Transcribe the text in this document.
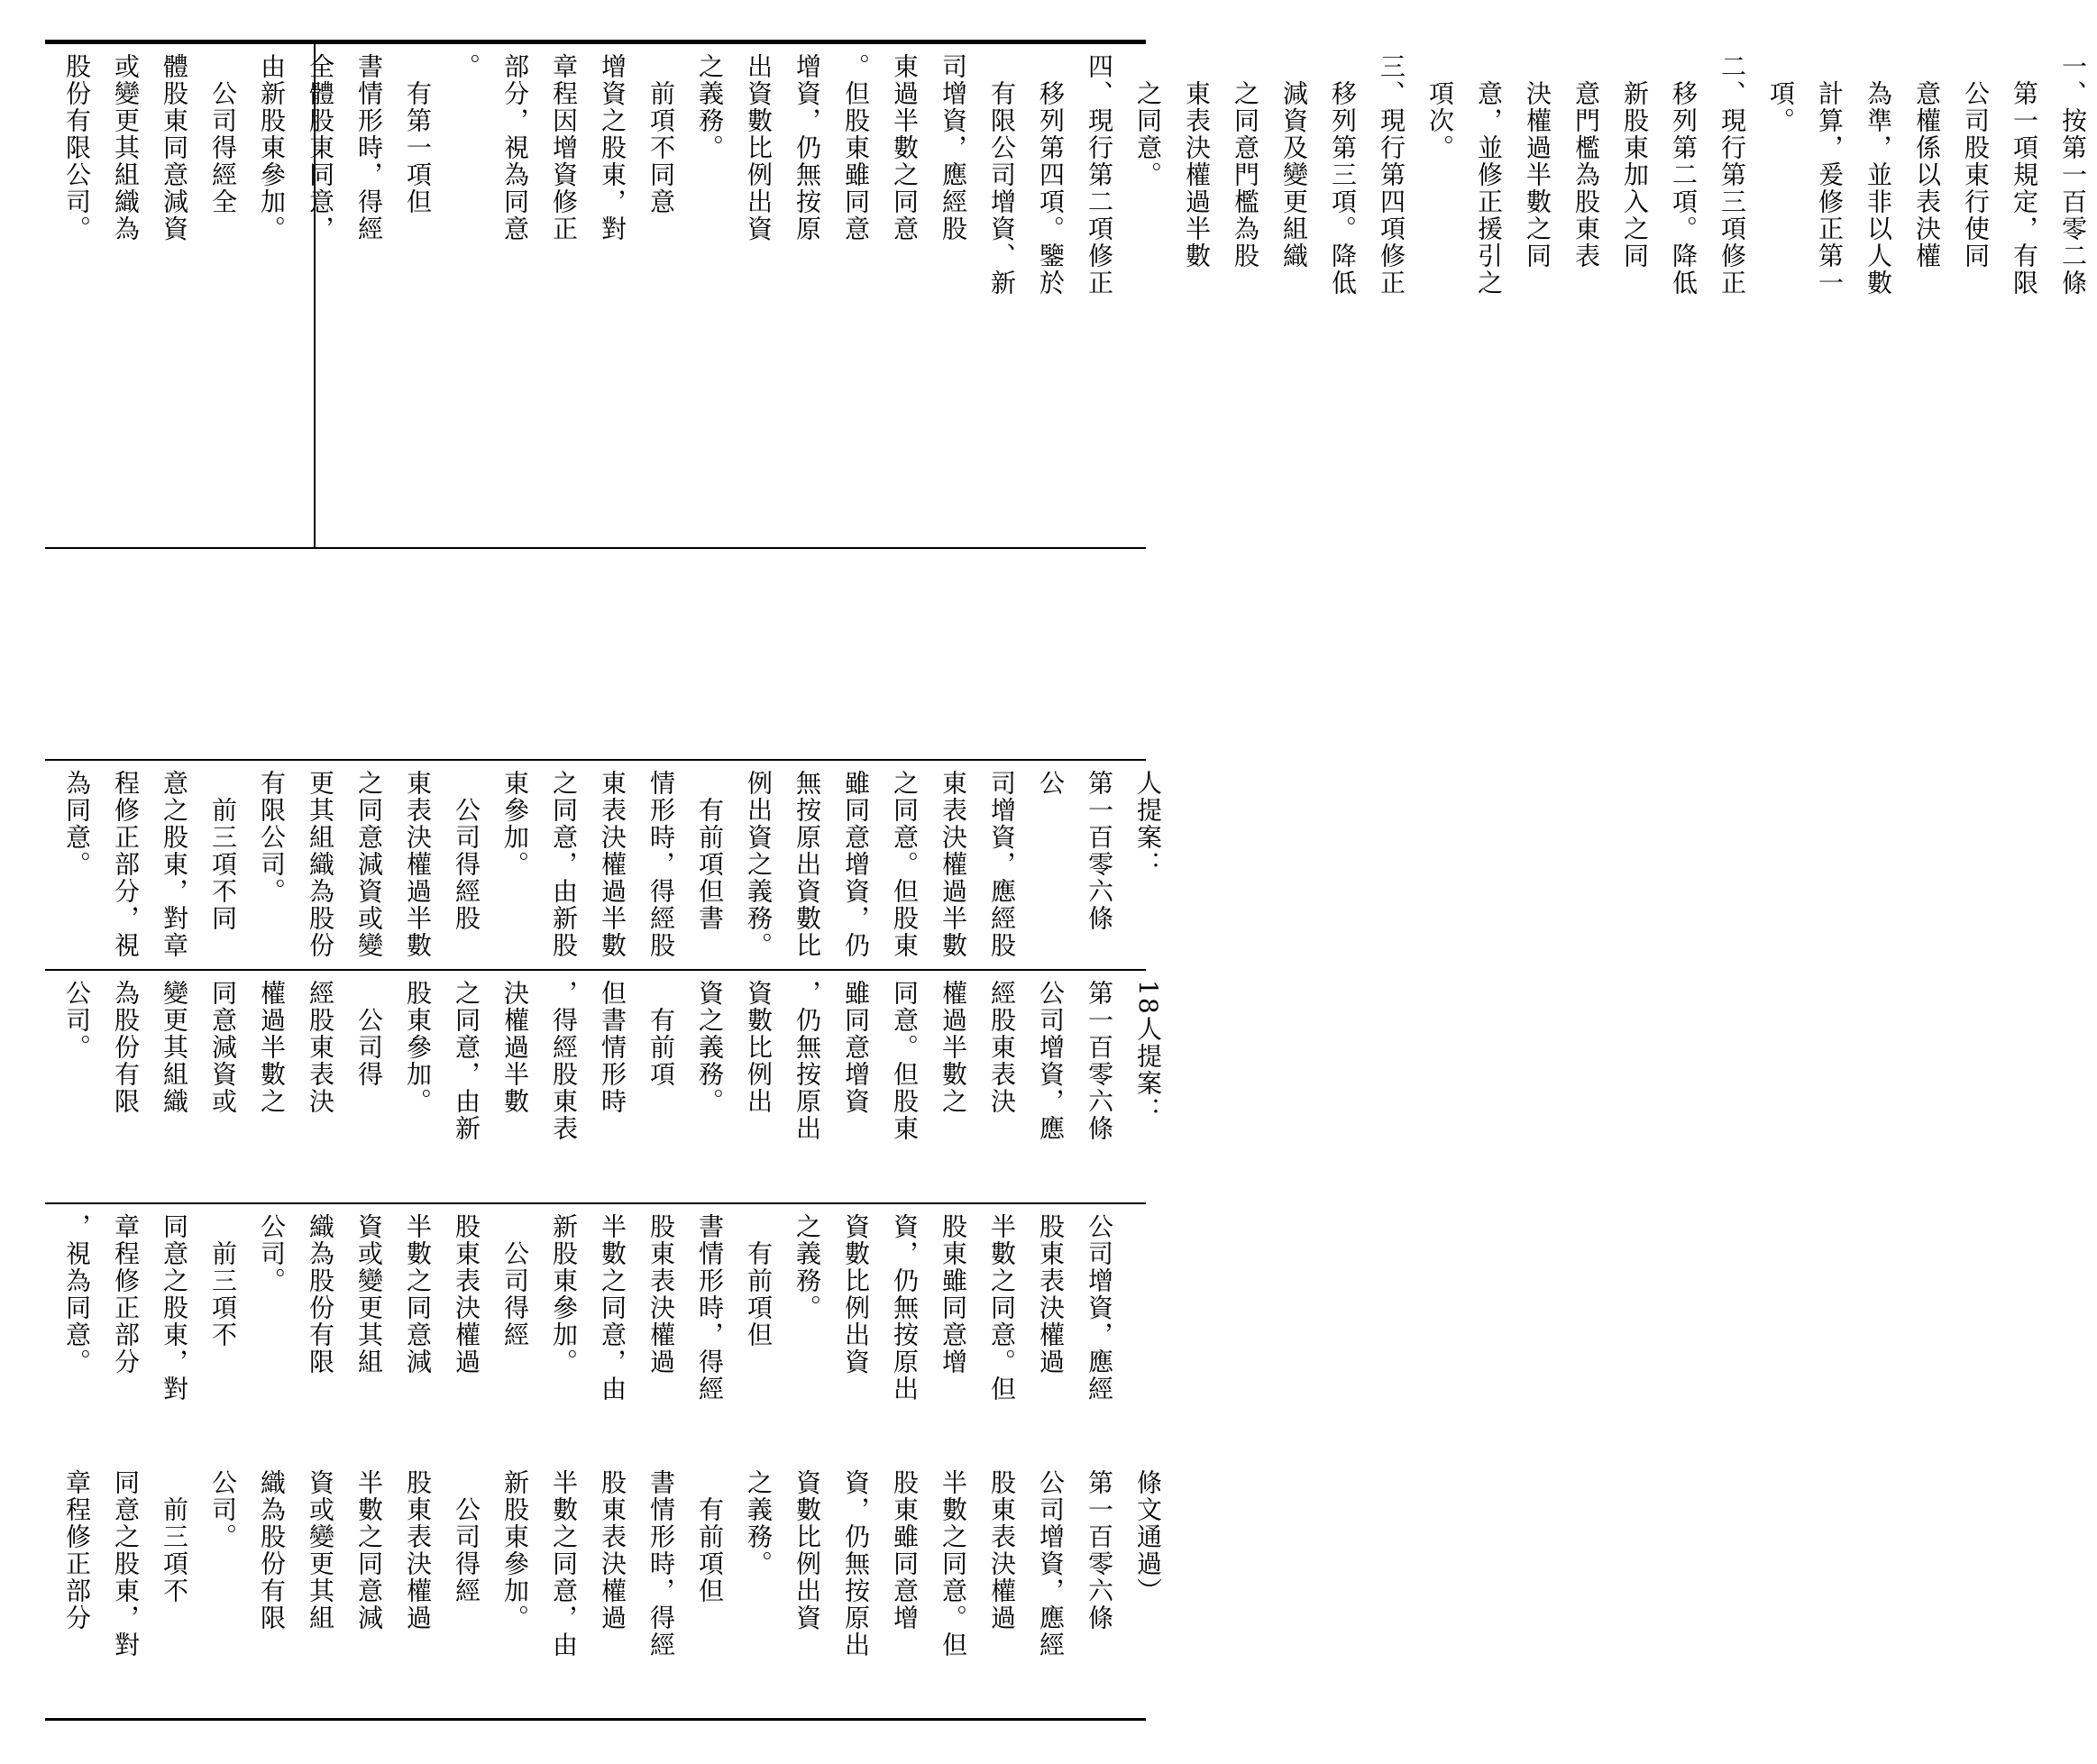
條文通過）
第一百零六條
公司增資，應經
股東表決權過
半數之同意。但
股東雖同意增
資，仍無按原出
資數比例出資
之義務。
　有前項但
書情形時，得經
股東表決權過
半數之同意，由
新股東參加。
　公司得經
股東表決權過
半數之同意減
資或變更其組
織為股份有限
公司。
　前三項不
同意之股東，對
章程修正部分

公司增資，應經
股東表決權過
半數之同意。但
股東雖同意增
資，仍無按原出
資數比例出資
之義務。
　有前項但
書情形時，得經
股東表決權過
半數之同意，由
新股東參加。
　公司得經
股東表決權過
半數之同意減
資或變更其組
織為股份有限
公司。
　前三項不
同意之股東，對
章程修正部分
，視為同意。

18人提案：
第一百零六條
公司增資，應
經股東表決
權過半數之
同意。但股東
雖同意增資
，仍無按原出
資數比例出
資之義務。
　有前項
但書情形時
，得經股東表
決權過半數
之同意，由新
股東參加。
　公司得
經股東表決
權過半數之
同意減資或
變更其組織
為股份有限
公司。

人提案：
第一百零六條　公
司增資，應經股
東表決權過半數
之同意。但股東
雖同意增資，仍
無按原出資數比
例出資之義務。
　有前項但書
情形時，得經股
東表決權過半數
之同意，由新股
東參加。
　公司得經股
東表決權過半數
之同意減資或變
更其組織為股份
有限公司。
　前三項不同
意之股東，對章
程修正部分，視
為同意。

一、按第一百零二條
　第一項規定，有限
　公司股東行使同
　意權係以表決權
　為準，並非以人數
　計算，爰修正第一
　項。
二、現行第三項修正
　移列第二項。降低
　新股東加入之同
　意門檻為股東表
　決權過半數之同
　意，並修正援引之
　項次。
三、現行第四項修正
　移列第三項。降低
　減資及變更組織
　之同意門檻為股
　東表決權過半數
　之同意。
四、現行第二項修正
　移列第四項。鑒於
　有限公司增資、新
司增資，應經股
東過半數之同意
。但股東雖同意
增資，仍無按原
出資數比例出資
之義務。
　前項不同意
增資之股東，對
章程因增資修正
部分，視為同意
。
　有第一項但
書情形時，得經
全體股東同意，
由新股東參加。
　公司得經全
體股東同意減資
或變更其組織為
股份有限公司。
